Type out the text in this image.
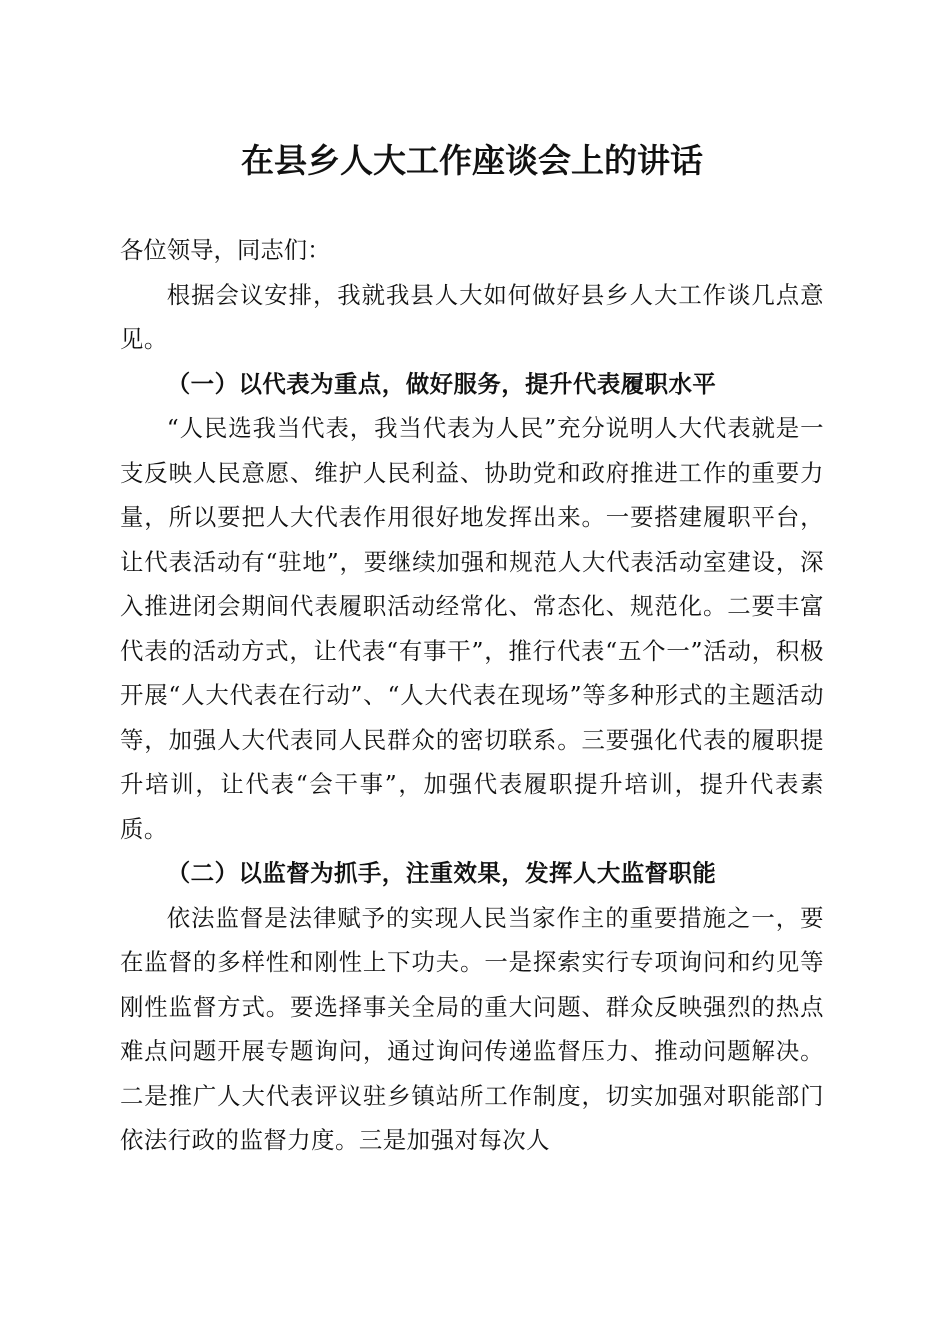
在县乡人大工作座谈会上的讲话

各位领导，同志们：

根据会议安排，我就我县人大如何做好县乡人大工作谈几点意见。

（一）以代表为重点，做好服务，提升代表履职水平

“人民选我当代表，我当代表为人民”充分说明人大代表就是一支反映人民意愿、维护人民利益、协助党和政府推进工作的重要力量，所以要把人大代表作用很好地发挥出来。一要搭建履职平台，让代表活动有“驻地”，要继续加强和规范人大代表活动室建设，深入推进闭会期间代表履职活动经常化、常态化、规范化。二要丰富代表的活动方式，让代表“有事干”，推行代表“五个一”活动，积极开展“人大代表在行动”、“人大代表在现场”等多种形式的主题活动等，加强人大代表同人民群众的密切联系。三要强化代表的履职提升培训，让代表“会干事”，加强代表履职提升培训，提升代表素质。

（二）以监督为抓手，注重效果，发挥人大监督职能

依法监督是法律赋予的实现人民当家作主的重要措施之一，要在监督的多样性和刚性上下功夫。一是探索实行专项询问和约见等刚性监督方式。要选择事关全局的重大问题、群众反映强烈的热点难点问题开展专题询问，通过询问传递监督压力、推动问题解决。二是推广人大代表评议驻乡镇站所工作制度，切实加强对职能部门依法行政的监督力度。三是加强对每次人
